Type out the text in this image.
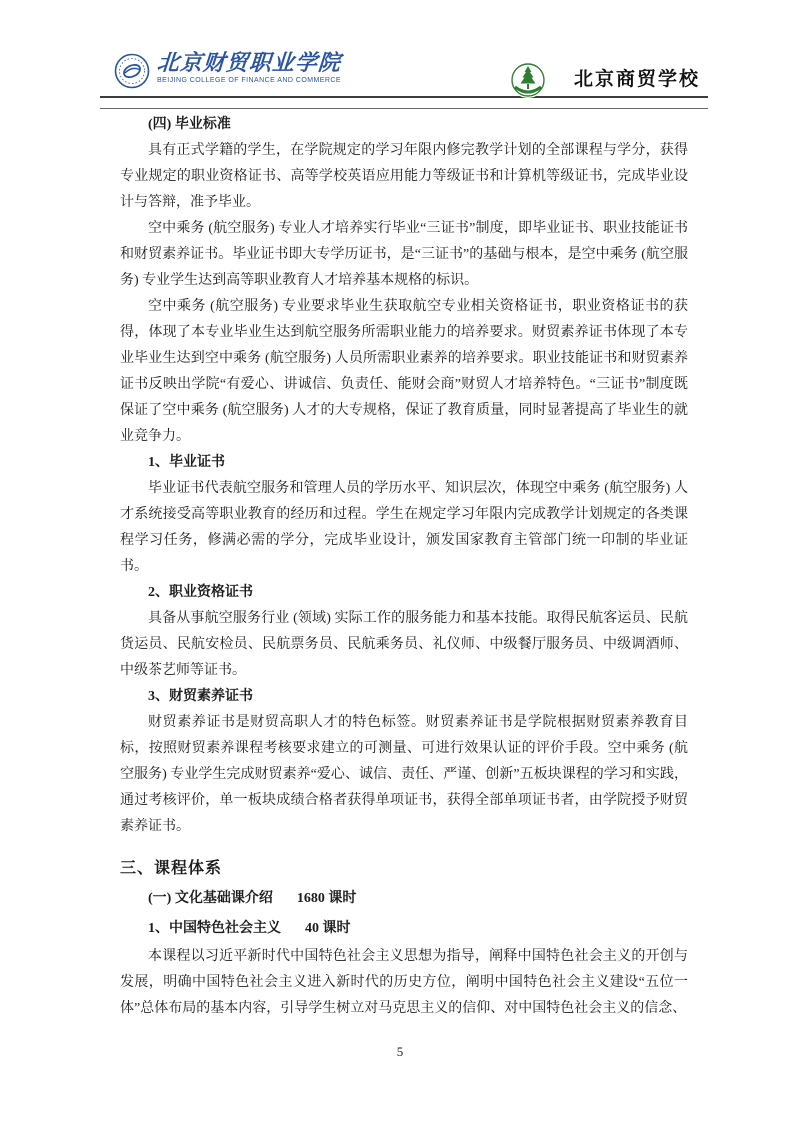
北京财贸职业学院
BEIJING COLLEGE OF FINANCE AND COMMERCE	北京商贸学校
(四) 毕业标准

具有正式学籍的学生，在学院规定的学习年限内修完教学计划的全部课程与学分，获得专业规定的职业资格证书、高等学校英语应用能力等级证书和计算机等级证书，完成毕业设计与答辩，准予毕业。

空中乘务 (航空服务) 专业人才培养实行毕业“三证书”制度，即毕业证书、职业技能证书和财贸素养证书。毕业证书即大专学历证书，是“三证书”的基础与根本，是空中乘务 (航空服务) 专业学生达到高等职业教育人才培养基本规格的标识。

空中乘务 (航空服务) 专业要求毕业生获取航空专业相关资格证书，职业资格证书的获得，体现了本专业毕业生达到航空服务所需职业能力的培养要求。财贸素养证书体现了本专业毕业生达到空中乘务 (航空服务) 人员所需职业素养的培养要求。职业技能证书和财贸素养证书反映出学院“有爱心、讲诚信、负责任、能财会商”财贸人才培养特色。“三证书”制度既保证了空中乘务 (航空服务) 人才的大专规格，保证了教育质量，同时显著提高了毕业生的就业竞争力。

1、毕业证书

毕业证书代表航空服务和管理人员的学历水平、知识层次，体现空中乘务 (航空服务) 人才系统接受高等职业教育的经历和过程。学生在规定学习年限内完成教学计划规定的各类课程学习任务，修满必需的学分，完成毕业设计，颁发国家教育主管部门统一印制的毕业证书。

2、职业资格证书

具备从事航空服务行业 (领域) 实际工作的服务能力和基本技能。取得民航客运员、民航货运员、民航安检员、民航票务员、民航乘务员、礼仪师、中级餐厅服务员、中级调酒师、中级茶艺师等证书。

3、财贸素养证书

财贸素养证书是财贸高职人才的特色标签。财贸素养证书是学院根据财贸素养教育目标，按照财贸素养课程考核要求建立的可测量、可进行效果认证的评价手段。空中乘务 (航空服务) 专业学生完成财贸素养“爱心、诚信、责任、严谨、创新”五板块课程的学习和实践，通过考核评价，单一板块成绩合格者获得单项证书，获得全部单项证书者，由学院授予财贸素养证书。

三、课程体系
(一) 文化基础课介绍 1680 课时
1、中国特色社会主义 40 课时

本课程以习近平新时代中国特色社会主义思想为指导，阐释中国特色社会主义的开创与发展，明确中国特色社会主义进入新时代的历史方位，阐明中国特色社会主义建设“五位一体”总体布局的基本内容，引导学生树立对马克思主义的信仰、对中国特色社会主义的信念、

5
